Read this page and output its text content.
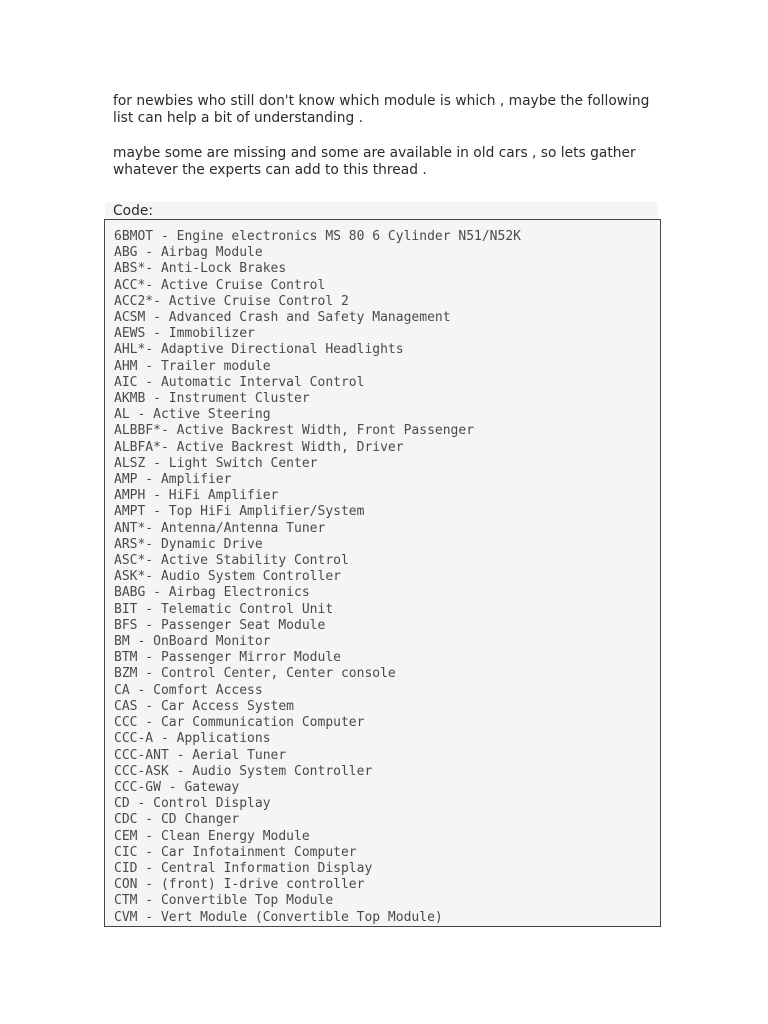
for newbies who still don't know which module is which , maybe the following list can help a bit of understanding .

maybe some are missing and some are available in old cars , so lets gather whatever the experts can add to this thread .

Code:
6BMOT - Engine electronics MS 80 6 Cylinder N51/N52K
ABG - Airbag Module
ABS*- Anti-Lock Brakes
ACC*- Active Cruise Control
ACC2*- Active Cruise Control 2
ACSM - Advanced Crash and Safety Management
AEWS - Immobilizer
AHL*- Adaptive Directional Headlights
AHM - Trailer module
AIC - Automatic Interval Control
AKMB - Instrument Cluster
AL - Active Steering
ALBBF*- Active Backrest Width, Front Passenger
ALBFA*- Active Backrest Width, Driver
ALSZ - Light Switch Center
AMP - Amplifier
AMPH - HiFi Amplifier
AMPT - Top HiFi Amplifier/System
ANT*- Antenna/Antenna Tuner
ARS*- Dynamic Drive
ASC*- Active Stability Control
ASK*- Audio System Controller
BABG - Airbag Electronics
BIT - Telematic Control Unit
BFS - Passenger Seat Module
BM - OnBoard Monitor
BTM - Passenger Mirror Module
BZM - Control Center, Center console
CA - Comfort Access
CAS - Car Access System
CCC - Car Communication Computer
CCC-A - Applications
CCC-ANT - Aerial Tuner
CCC-ASK - Audio System Controller
CCC-GW - Gateway
CD - Control Display
CDC - CD Changer
CEM - Clean Energy Module
CIC - Car Infotainment Computer
CID - Central Information Display
CON - (front) I-drive controller
CTM - Convertible Top Module
CVM - Vert Module (Convertible Top Module)
